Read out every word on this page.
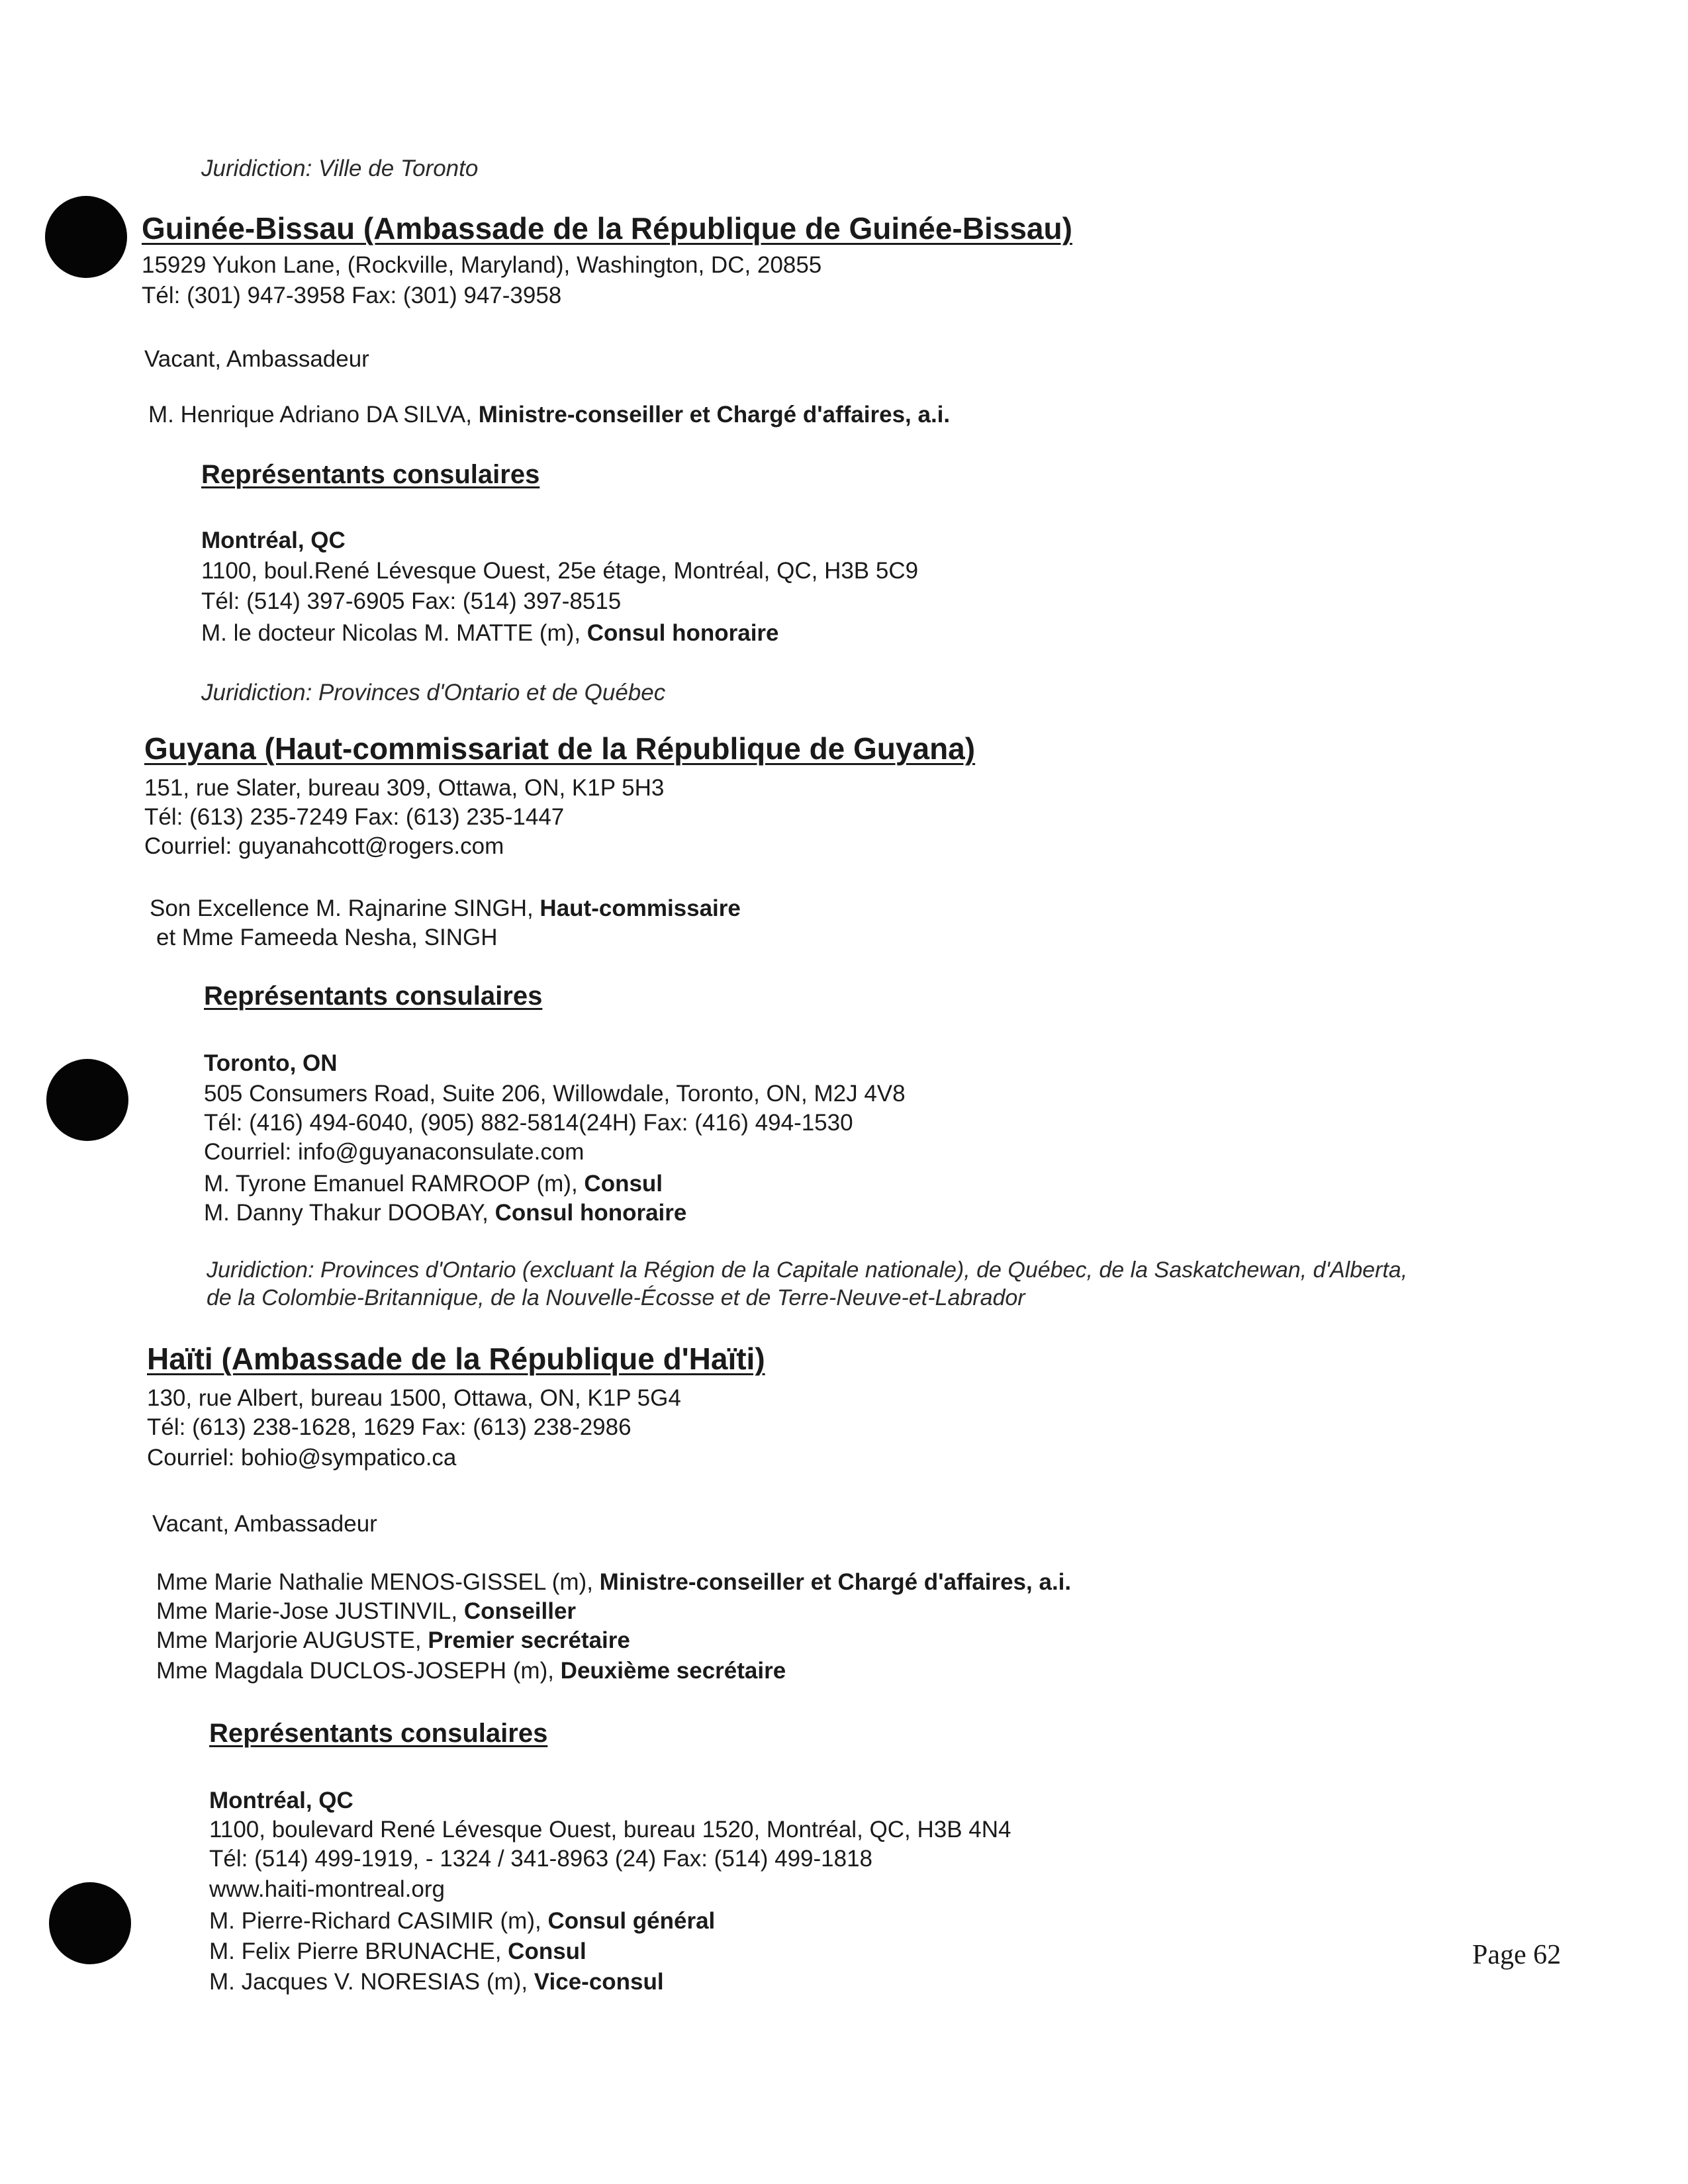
Juridiction: Ville de Toronto
Guinée-Bissau (Ambassade de la République de Guinée-Bissau)
15929 Yukon Lane, (Rockville, Maryland), Washington, DC, 20855
Tél: (301) 947-3958 Fax: (301) 947-3958
Vacant, Ambassadeur
M. Henrique Adriano DA SILVA, Ministre-conseiller et Chargé d'affaires, a.i.
Représentants consulaires
Montréal, QC
1100, boul.René Lévesque Ouest, 25e étage, Montréal, QC, H3B 5C9
Tél: (514) 397-6905 Fax: (514) 397-8515
M. le docteur Nicolas M. MATTE (m), Consul honoraire
Juridiction: Provinces d'Ontario et de Québec
Guyana (Haut-commissariat de la République de Guyana)
151, rue Slater, bureau 309, Ottawa, ON, K1P 5H3
Tél: (613) 235-7249 Fax: (613) 235-1447
Courriel: guyanahcott@rogers.com
Son Excellence M. Rajnarine SINGH, Haut-commissaire
et Mme Fameeda Nesha, SINGH
Représentants consulaires
Toronto, ON
505 Consumers Road, Suite 206, Willowdale, Toronto, ON, M2J 4V8
Tél: (416) 494-6040, (905) 882-5814(24H) Fax: (416) 494-1530
Courriel: info@guyanaconsulate.com
M. Tyrone Emanuel RAMROOP (m), Consul
M. Danny Thakur DOOBAY, Consul honoraire
Juridiction: Provinces d'Ontario (excluant la Région de la Capitale nationale), de Québec, de la Saskatchewan, d'Alberta,
de la Colombie-Britannique, de la Nouvelle-Écosse et de Terre-Neuve-et-Labrador
Haïti (Ambassade de la République d'Haïti)
130, rue Albert, bureau 1500, Ottawa, ON, K1P 5G4
Tél: (613) 238-1628, 1629 Fax: (613) 238-2986
Courriel: bohio@sympatico.ca
Vacant, Ambassadeur
Mme Marie Nathalie MENOS-GISSEL (m), Ministre-conseiller et Chargé d'affaires, a.i.
Mme Marie-Jose JUSTINVIL, Conseiller
Mme Marjorie AUGUSTE, Premier secrétaire
Mme Magdala DUCLOS-JOSEPH (m), Deuxième secrétaire
Représentants consulaires
Montréal, QC
1100, boulevard René Lévesque Ouest, bureau 1520, Montréal, QC, H3B 4N4
Tél: (514) 499-1919, - 1324 / 341-8963 (24) Fax: (514) 499-1818
www.haiti-montreal.org
M. Pierre-Richard CASIMIR (m), Consul général
M. Felix Pierre BRUNACHE, Consul
M. Jacques V. NORESIAS (m), Vice-consul
Page 62
